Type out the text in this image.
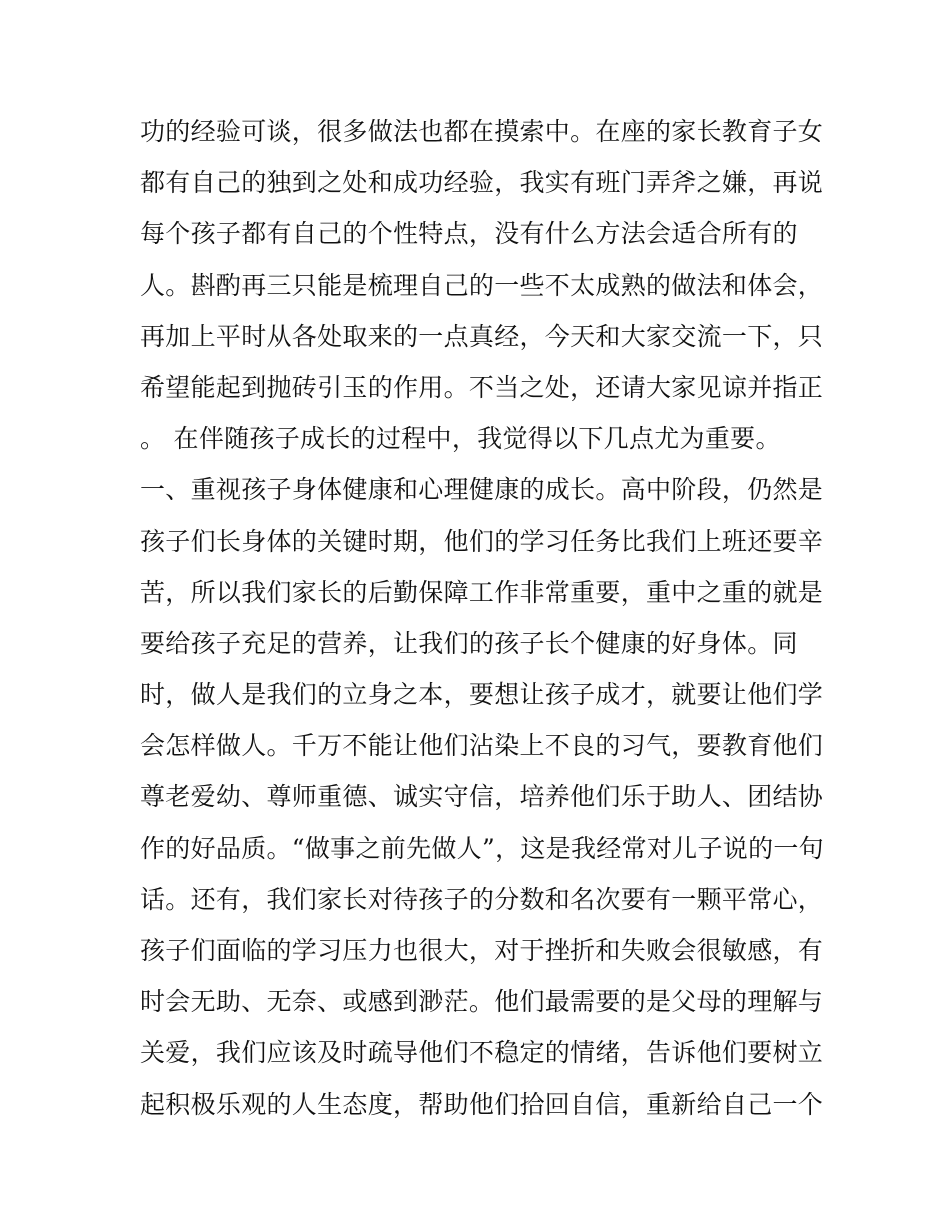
功的经验可谈，很多做法也都在摸索中。在座的家长教育子女
都有自己的独到之处和成功经验，我实有班门弄斧之嫌，再说
每个孩子都有自己的个性特点，没有什么方法会适合所有的
人。斟酌再三只能是梳理自己的一些不太成熟的做法和体会，
再加上平时从各处取来的一点真经，今天和大家交流一下，只
希望能起到抛砖引玉的作用。不当之处，还请大家见谅并指正
。 在伴随孩子成长的过程中，我觉得以下几点尤为重要。
一、重视孩子身体健康和心理健康的成长。高中阶段，仍然是
孩子们长身体的关键时期，他们的学习任务比我们上班还要辛
苦，所以我们家长的后勤保障工作非常重要，重中之重的就是
要给孩子充足的营养，让我们的孩子长个健康的好身体。同
时，做人是我们的立身之本，要想让孩子成才，就要让他们学
会怎样做人。千万不能让他们沾染上不良的习气，要教育他们
尊老爱幼、尊师重德、诚实守信，培养他们乐于助人、团结协
作的好品质。“做事之前先做人”，这是我经常对儿子说的一句
话。还有，我们家长对待孩子的分数和名次要有一颗平常心，
孩子们面临的学习压力也很大，对于挫折和失败会很敏感，有
时会无助、无奈、或感到渺茫。他们最需要的是父母的理解与
关爱，我们应该及时疏导他们不稳定的情绪，告诉他们要树立
起积极乐观的人生态度，帮助他们拾回自信，重新给自己一个
